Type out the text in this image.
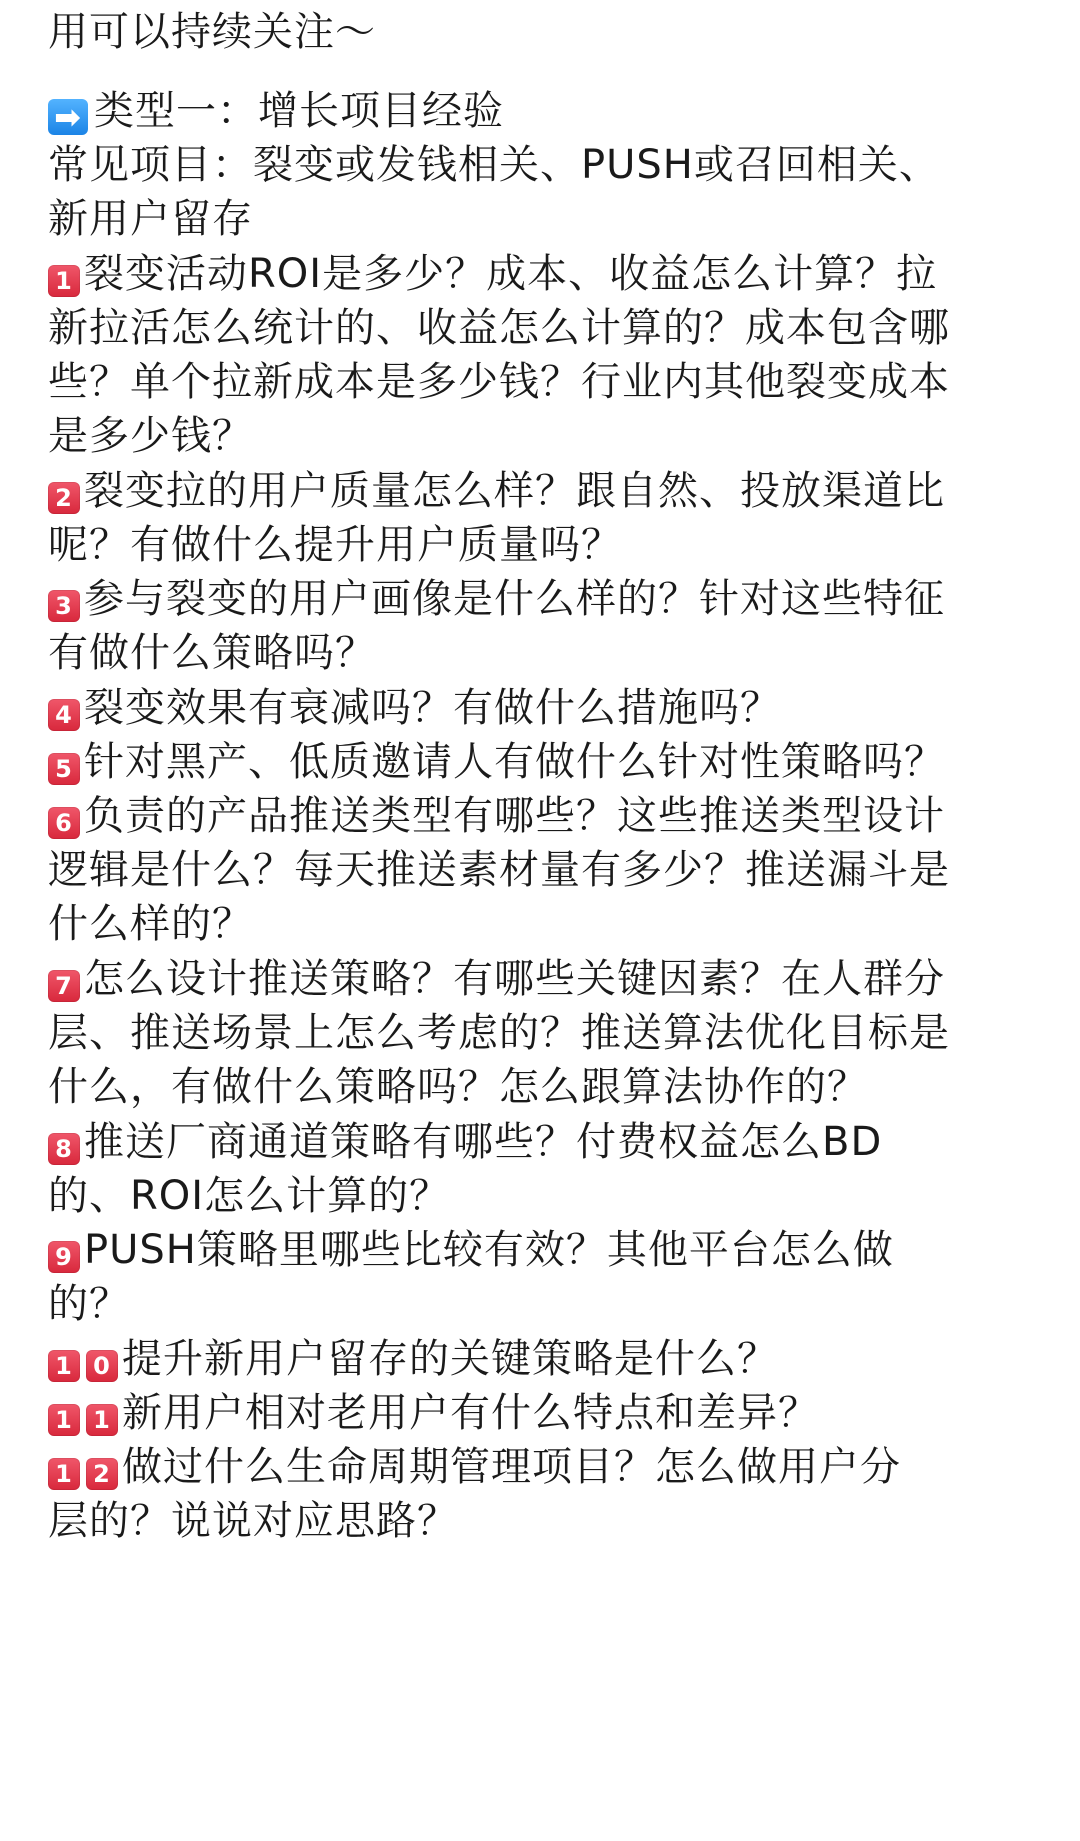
用可以持续关注～
➡ 类型一：增长项目经验
常见项目：裂变或发钱相关、PUSH或召回相关、
新用户留存
1 裂变活动ROI是多少？成本、收益怎么计算？拉
新拉活怎么统计的、收益怎么计算的？成本包含哪
些？单个拉新成本是多少钱？行业内其他裂变成本
是多少钱？
2 裂变拉的用户质量怎么样？跟自然、投放渠道比
呢？有做什么提升用户质量吗？
3 参与裂变的用户画像是什么样的？针对这些特征
有做什么策略吗？
4 裂变效果有衰减吗？有做什么措施吗？
5 针对黑产、低质邀请人有做什么针对性策略吗？
6 负责的产品推送类型有哪些？这些推送类型设计
逻辑是什么？每天推送素材量有多少？推送漏斗是
什么样的？
7 怎么设计推送策略？有哪些关键因素？在人群分
层、推送场景上怎么考虑的？推送算法优化目标是
什么，有做什么策略吗？怎么跟算法协作的？
8 推送厂商通道策略有哪些？付费权益怎么BD
的、ROI怎么计算的？
9 PUSH策略里哪些比较有效？其他平台怎么做
的？
1 0 提升新用户留存的关键策略是什么？
1 1 新用户相对老用户有什么特点和差异？
1 2 做过什么生命周期管理项目？怎么做用户分
层的？说说对应思路？
